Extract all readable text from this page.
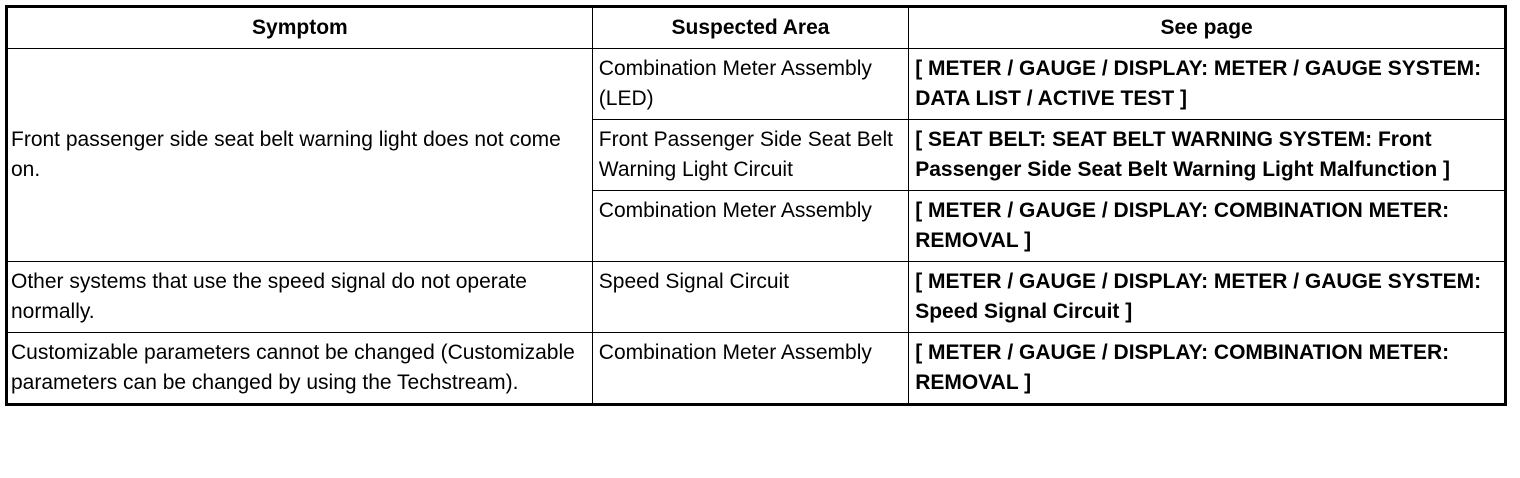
Symptom	Suspected Area	See page
Front passenger side seat belt warning light does not come on.	Combination Meter Assembly (LED)	[ METER / GAUGE / DISPLAY: METER / GAUGE SYSTEM: DATA LIST / ACTIVE TEST ]
	Front Passenger Side Seat Belt Warning Light Circuit	[ SEAT BELT: SEAT BELT WARNING SYSTEM: Front Passenger Side Seat Belt Warning Light Malfunction ]
	Combination Meter Assembly	[ METER / GAUGE / DISPLAY: COMBINATION METER: REMOVAL ]
Other systems that use the speed signal do not operate normally.	Speed Signal Circuit	[ METER / GAUGE / DISPLAY: METER / GAUGE SYSTEM: Speed Signal Circuit ]
Customizable parameters cannot be changed (Customizable parameters can be changed by using the Techstream).	Combination Meter Assembly	[ METER / GAUGE / DISPLAY: COMBINATION METER: REMOVAL ]
